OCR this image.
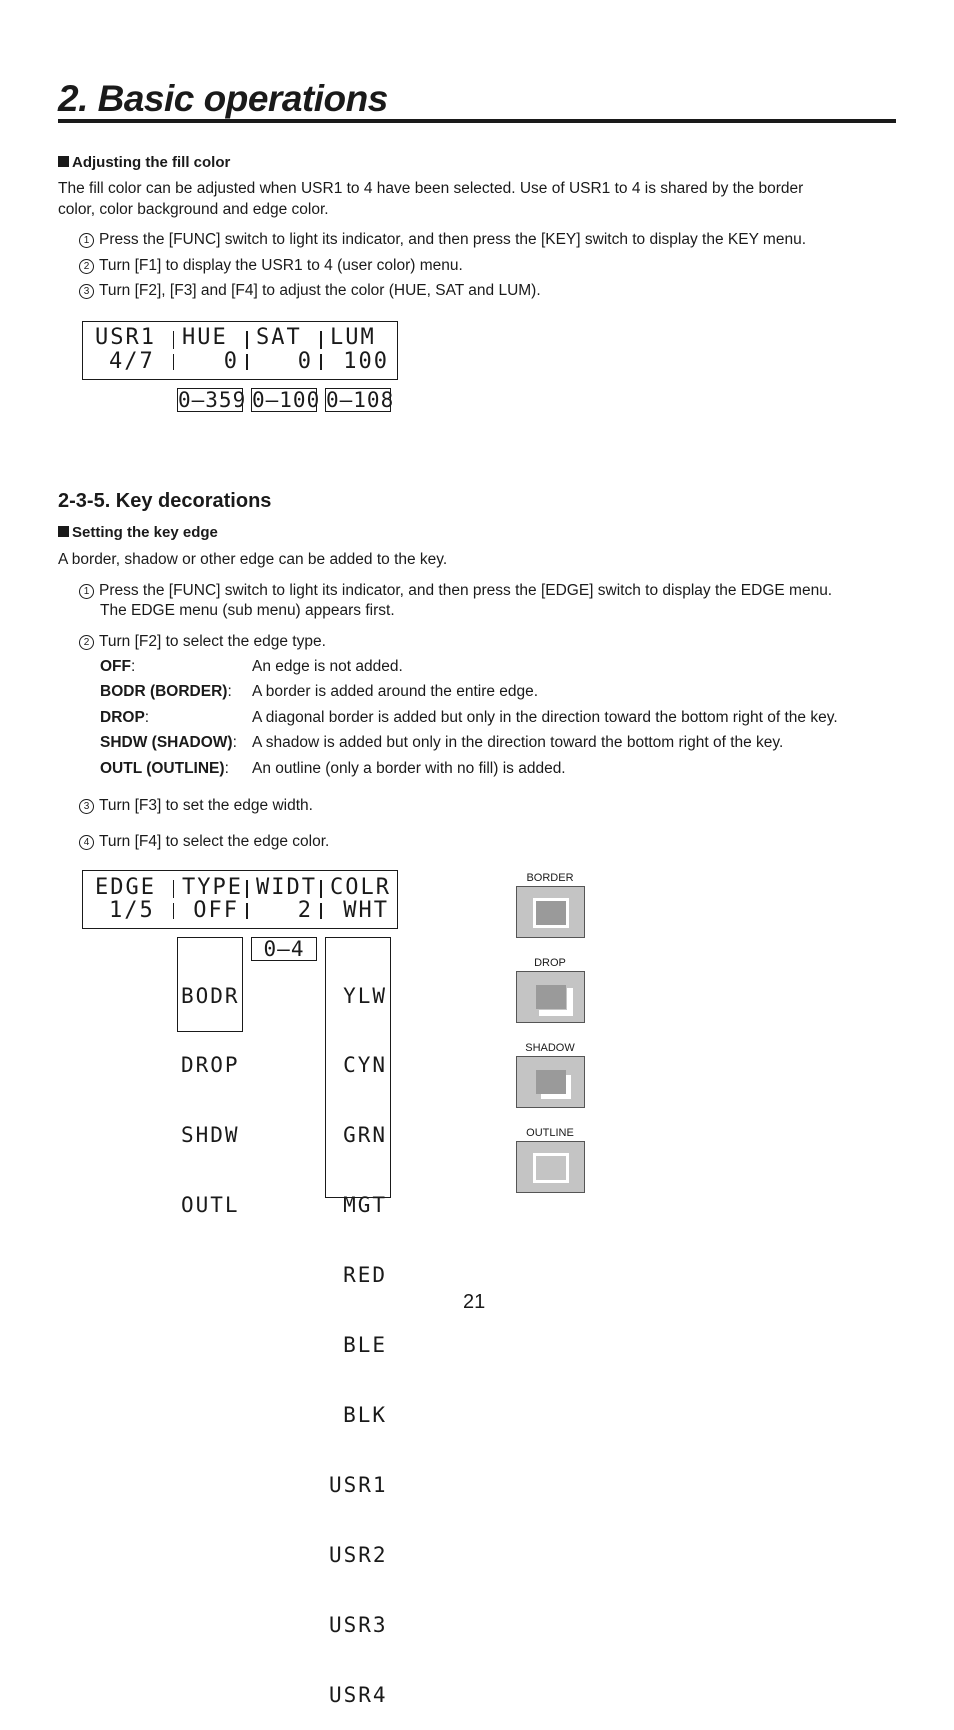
2. Basic operations
Adjusting the fill color
The fill color can be adjusted when USR1 to 4 have been selected. Use of USR1 to 4 is shared by the border
color, color background and edge color.
1 Press the [FUNC] switch to light its indicator, and then press the [KEY] switch to display the KEY menu.
2 Turn [F1] to display the USR1 to 4 (user color) menu.
3 Turn [F2], [F3] and [F4] to adjust the color (HUE, SAT and LUM).
USR1 HUE SAT LUM
4/7	0	0	100
0–359 0–100 0–108
2-3-5. Key decorations
Setting the key edge
A border, shadow or other edge can be added to the key.
1 Press the [FUNC] switch to light its indicator, and then press the [EDGE] switch to display the EDGE menu.
The EDGE menu (sub menu) appears first.
2 Turn [F2] to select the edge type.
OFF:	An edge is not added.
BODR (BORDER): A border is added around the entire edge.
DROP:	A diagonal border is added but only in the direction toward the bottom right of the key.
SHDW (SHADOW): A shadow is added but only in the direction toward the bottom right of the key.
OUTL (OUTLINE): An outline (only a border with no fill) is added.
3 Turn [F3] to set the edge width.
4 Turn [F4] to select the edge color.
EDGE TYPE WIDT COLR
1/5	OFF	2	WHT

BODR

DROP

SHDW

OUTL

0–4

YLW

CYN

GRN

MGT

RED

BLE

BLK

USR1

USR2

USR3

USR4

BORDER
DROP
SHADOW
OUTLINE
21
